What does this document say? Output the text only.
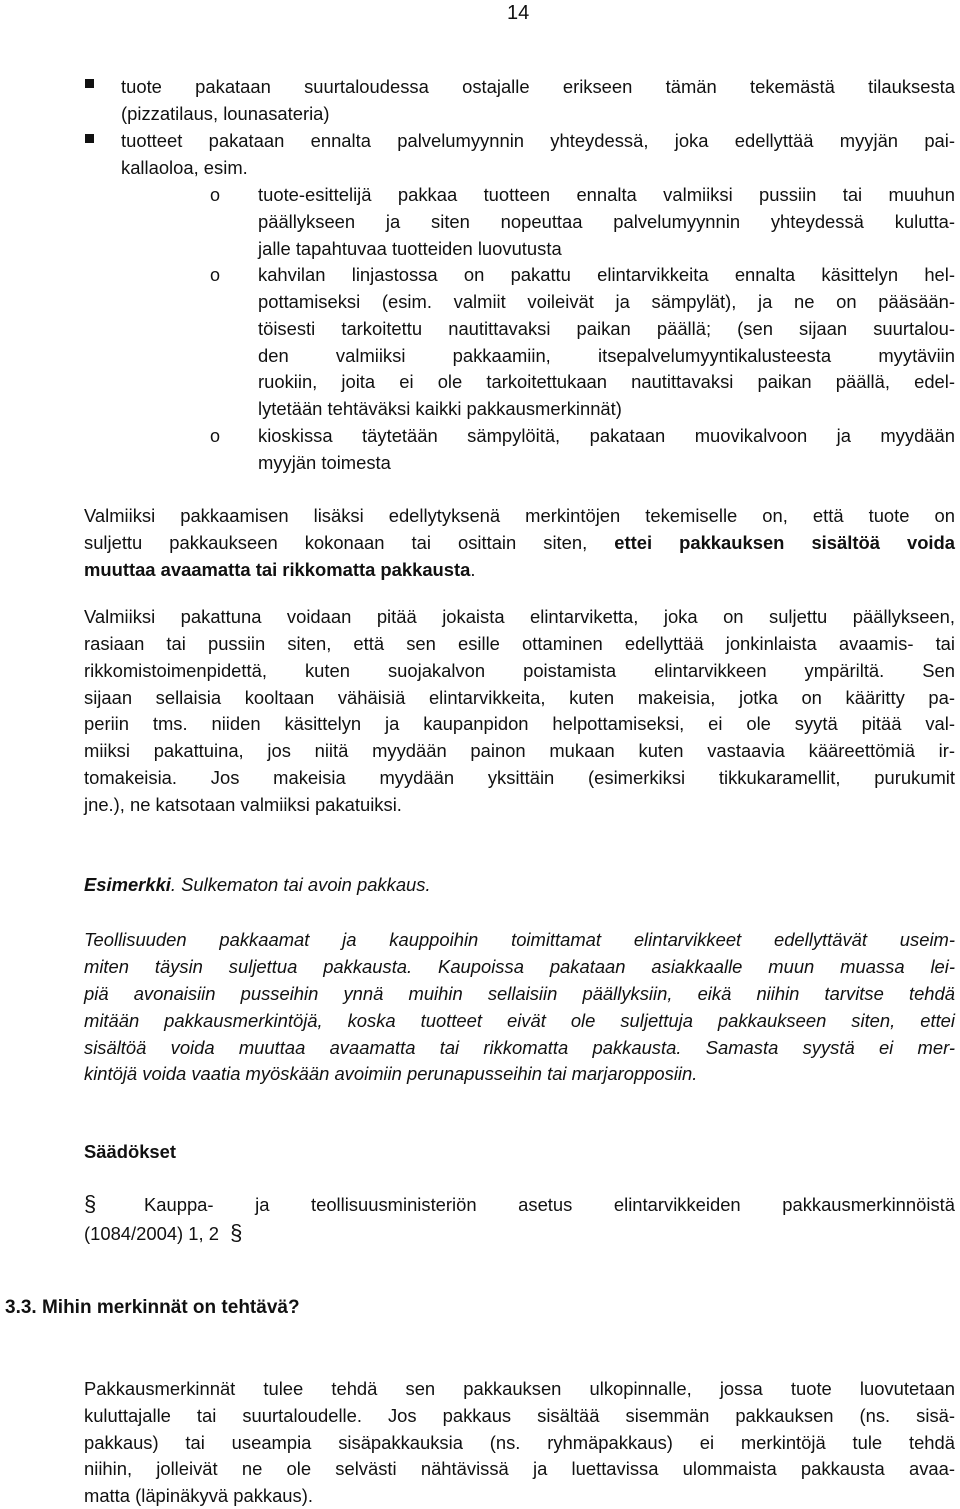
14
tuote pakataan suurtaloudessa ostajalle erikseen tämän tekemästä tilauksesta
(pizzatilaus, lounasateria)
tuotteet pakataan ennalta palvelumyynnin yhteydessä, joka edellyttää myyjän pai-
kallaoloa, esim.
o tuote-esittelijä pakkaa tuotteen ennalta valmiiksi pussiin tai muuhun
päällykseen ja siten nopeuttaa palvelumyynnin yhteydessä kulutta-
jalle tapahtuvaa tuotteiden luovutusta
o kahvilan linjastossa on pakattu elintarvikkeita ennalta käsittelyn hel-
pottamiseksi (esim. valmiit voileivät ja sämpylät), ja ne on pääsään-
töisesti tarkoitettu nautittavaksi paikan päällä; (sen sijaan suurtalou-
den valmiiksi pakkaamiin, itsepalvelumyyntikalusteesta myytäviin
ruokiin, joita ei ole tarkoitettukaan nautittavaksi paikan päällä, edel-
lytetään tehtäväksi kaikki pakkausmerkinnät)
o kioskissa täytetään sämpylöitä, pakataan muovikalvoon ja myydään
myyjän toimesta
Valmiiksi pakkaamisen lisäksi edellytyksenä merkintöjen tekemiselle on, että tuote on
suljettu pakkaukseen kokonaan tai osittain siten, ettei pakkauksen sisältöä voida
muuttaa avaamatta tai rikkomatta pakkausta.
Valmiiksi pakattuna voidaan pitää jokaista elintarviketta, joka on suljettu päällykseen,
rasiaan tai pussiin siten, että sen esille ottaminen edellyttää jonkinlaista avaamis- tai
rikkomistoimenpidettä, kuten suojakalvon poistamista elintarvikkeen ympäriltä. Sen
sijaan sellaisia kooltaan vähäisiä elintarvikkeita, kuten makeisia, jotka on kääritty pa-
periin tms. niiden käsittelyn ja kaupanpidon helpottamiseksi, ei ole syytä pitää val-
miiksi pakattuina, jos niitä myydään painon mukaan kuten vastaavia kääreettömiä ir-
tomakeisia. Jos makeisia myydään yksittäin (esimerkiksi tikkukaramellit, purukumit
jne.), ne katsotaan valmiiksi pakatuiksi.
Esimerkki. Sulkematon tai avoin pakkaus.
Teollisuuden pakkaamat ja kauppoihin toimittamat elintarvikkeet edellyttävät useim-
miten täysin suljettua pakkausta. Kaupoissa pakataan asiakkaalle muun muassa lei-
piä avonaisiin pusseihin ynnä muihin sellaisiin päällyksiin, eikä niihin tarvitse tehdä
mitään pakkausmerkintöjä, koska tuotteet eivät ole suljettuja pakkaukseen siten, ettei
sisältöä voida muuttaa avaamatta tai rikkomatta pakkausta. Samasta syystä ei mer-
kintöjä voida vaatia myöskään avoimiin perunapusseihin tai marjaropposiin.
Säädökset
§	Kauppa- ja teollisuusministeriön asetus elintarvikkeiden pakkausmerkinnöistä
(1084/2004) 1, 2 §
3.3. Mihin merkinnät on tehtävä?
Pakkausmerkinnät tulee tehdä sen pakkauksen ulkopinnalle, jossa tuote luovutetaan
kuluttajalle tai suurtaloudelle. Jos pakkaus sisältää sisemmän pakkauksen (ns. sisä-
pakkaus) tai useampia sisäpakkauksia (ns. ryhmäpakkaus) ei merkintöjä tule tehdä
niihin, jolleivät ne ole selvästi nähtävissä ja luettavissa ulommaista pakkausta avaa-
matta (läpinäkyvä pakkaus).
